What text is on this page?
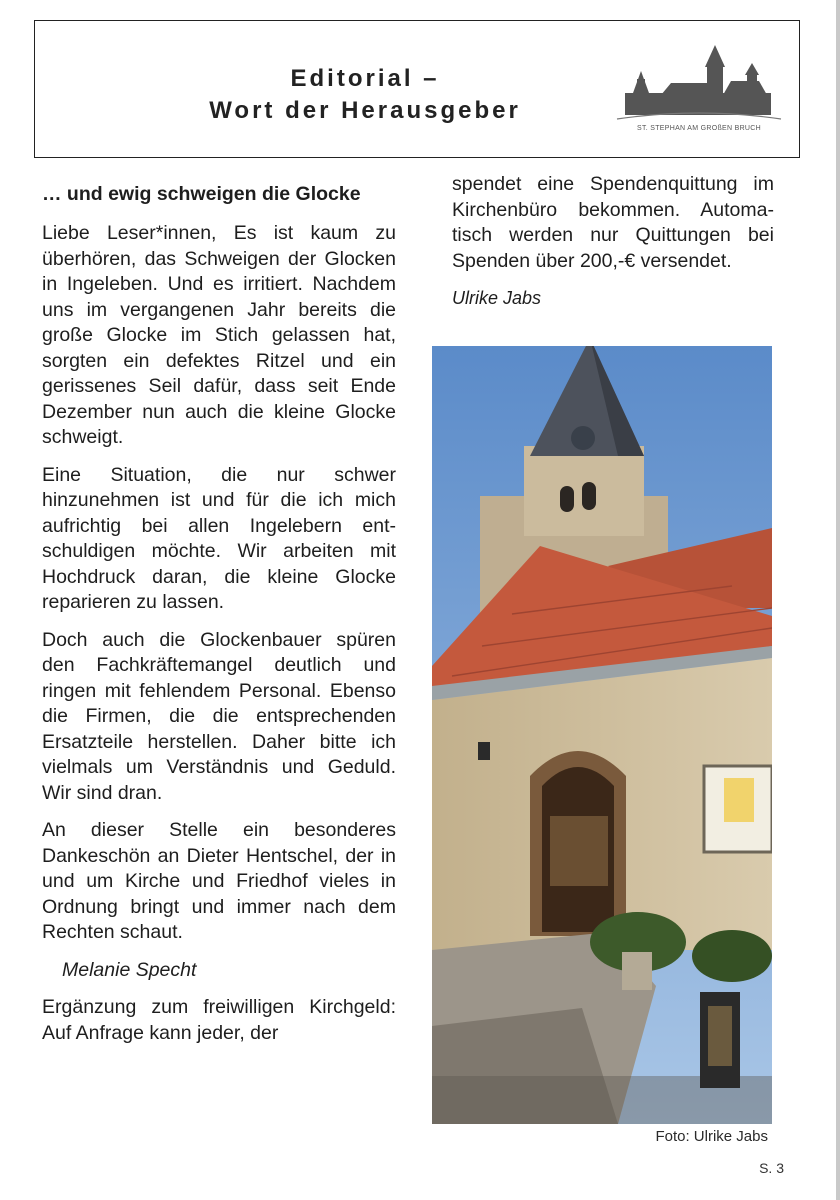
Editorial –
Wort der Herausgeber
ST. STEPHAN AM GROßEN BRUCH
… und ewig schweigen die Glocke

Liebe Leser*innen, Es ist kaum zu überhören, das Schweigen der Glocken in Ingeleben. Und es irritiert. Nachdem uns im vergangenen Jahr bereits die große Glocke im Stich gelassen hat, sorgten ein defektes Ritzel und ein gerissenes Seil dafür, dass seit Ende Dezember nun auch die kleine Glocke schweigt.

Eine Situation, die nur schwer hinzunehmen ist und für die ich mich aufrichtig bei allen Ingelebern entschuldigen möchte. Wir arbeiten mit Hochdruck daran, die kleine Glocke reparieren zu lassen.

Doch auch die Glockenbauer spüren den Fachkräftemangel deutlich und ringen mit fehlendem Personal. Ebenso die Firmen, die die entsprechenden Ersatzteile herstellen. Daher bitte ich vielmals um Verständnis und Geduld. Wir sind dran.

An dieser Stelle ein besonderes Dankeschön an Dieter Hentschel, der in und um Kirche und Friedhof vieles in Ordnung bringt und immer nach dem Rechten schaut.

Melanie Specht

Ergänzung zum freiwilligen Kirchgeld: Auf Anfrage kann jeder, der

spendet eine Spendenquittung im Kirchenbüro bekommen. Automatisch werden nur Quittungen bei Spenden über 200,-€ versendet.

Ulrike Jabs

Foto: Ulrike Jabs
S. 3
